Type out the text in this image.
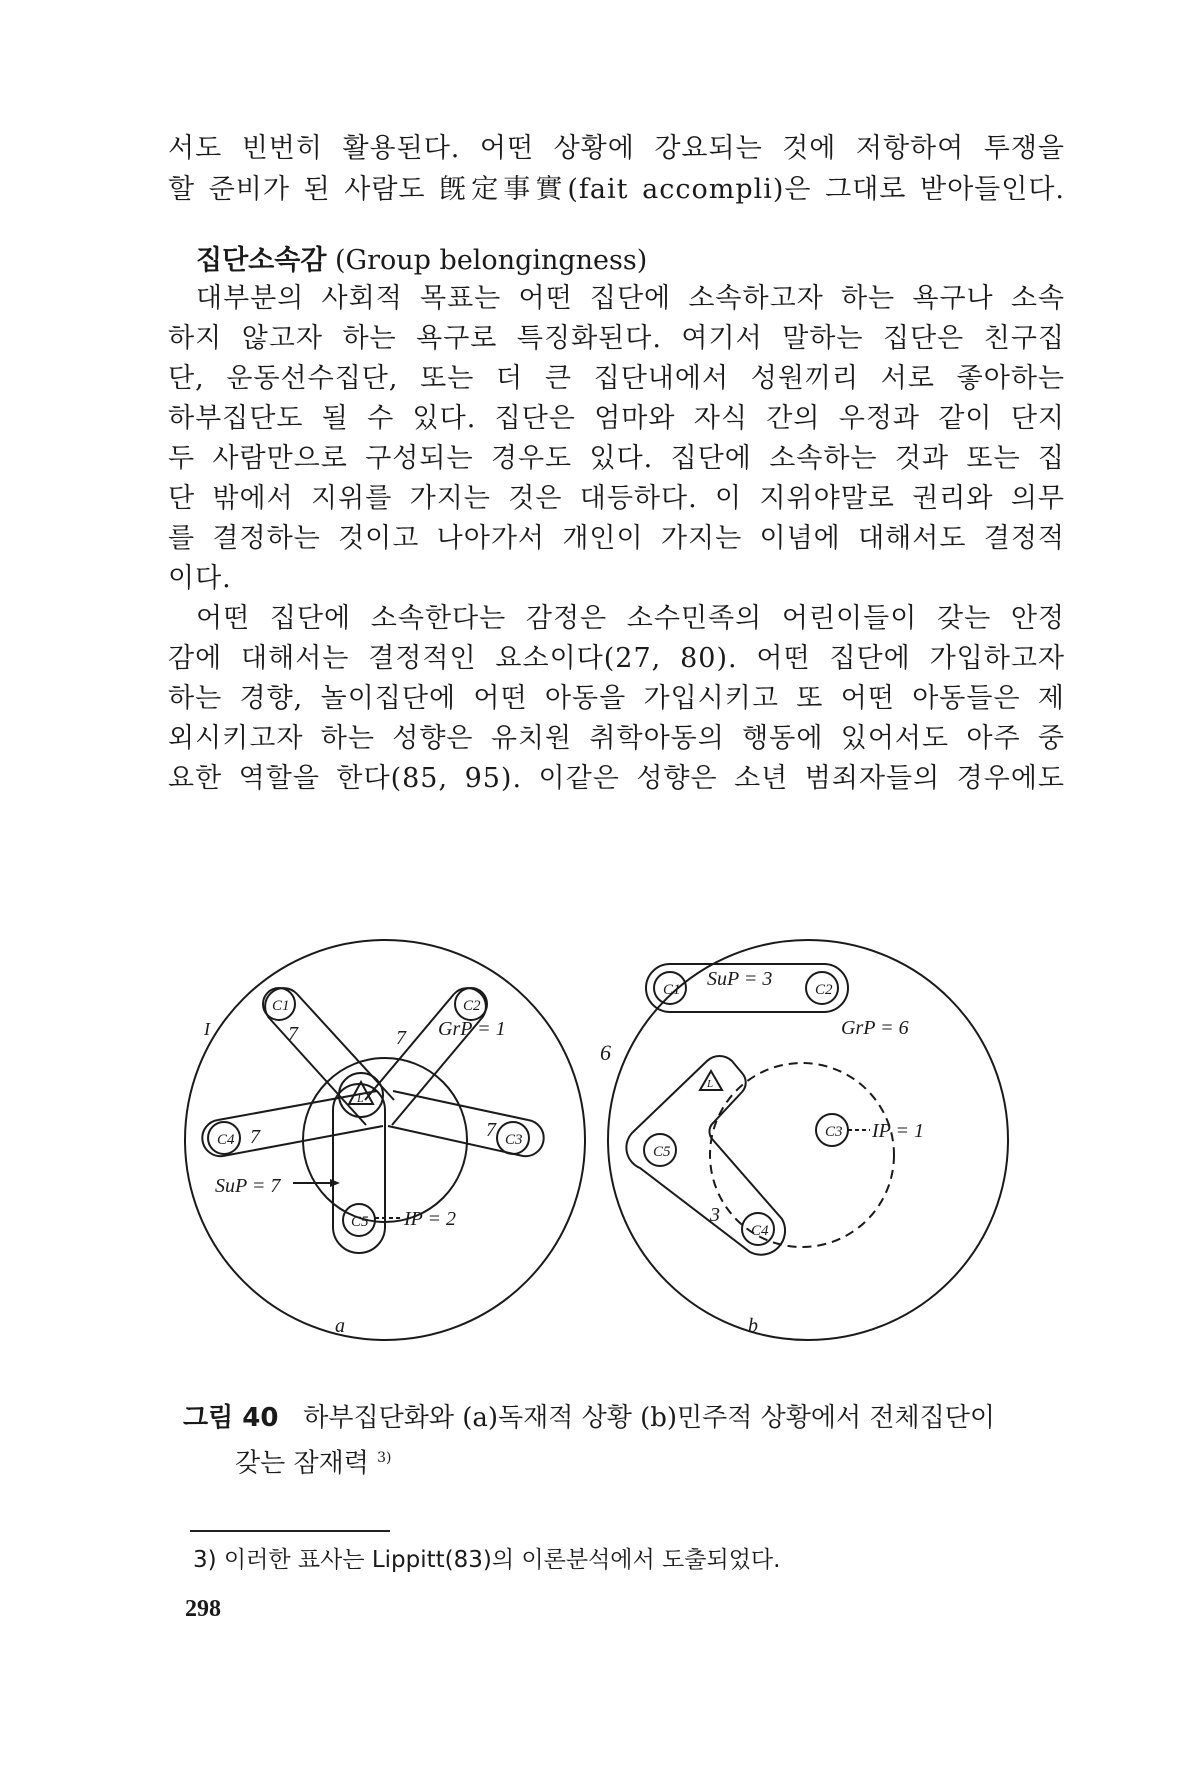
서도 빈번히 활용된다. 어떤 상황에 강요되는 것에 저항하여 투쟁을
할 준비가 된 사람도 旣定事實(fait accompli)은 그대로 받아들인다.
집단소속감 (Group belongingness)
대부분의 사회적 목표는 어떤 집단에 소속하고자 하는 욕구나 소속
하지 않고자 하는 욕구로 특징화된다. 여기서 말하는 집단은 친구집
단, 운동선수집단, 또는 더 큰 집단내에서 성원끼리 서로 좋아하는
하부집단도 될 수 있다. 집단은 엄마와 자식 간의 우정과 같이 단지
두 사람만으로 구성되는 경우도 있다. 집단에 소속하는 것과 또는 집
단 밖에서 지위를 가지는 것은 대등하다. 이 지위야말로 권리와 의무
를 결정하는 것이고 나아가서 개인이 가지는 이념에 대해서도 결정적
이다.
어떤 집단에 소속한다는 감정은 소수민족의 어린이들이 갖는 안정
감에 대해서는 결정적인 요소이다(27, 80). 어떤 집단에 가입하고자
하는 경향, 놀이집단에 어떤 아동을 가입시키고 또 어떤 아동들은 제
외시키고자 하는 성향은 유치원 취학아동의 행동에 있어서도 아주 중
요한 역할을 한다(85, 95). 이같은 성향은 소년 범죄자들의 경우에도
I	GrP = 1
SuP = 7
IP = 2
7	7
7	7
C1	C2
C4	C3
C5
L
a
6
SuP = 3
GrP = 6
IP = 1
3
C1	C2
C5
C3
C4
L
b
그림 40 하부집단화와 (a)독재적 상황 (b)민주적 상황에서 전체집단이
갖는 잠재력 $^{3)}$
3) 이러한 표사는 Lippitt(83)의 이론분석에서 도출되었다.
298
